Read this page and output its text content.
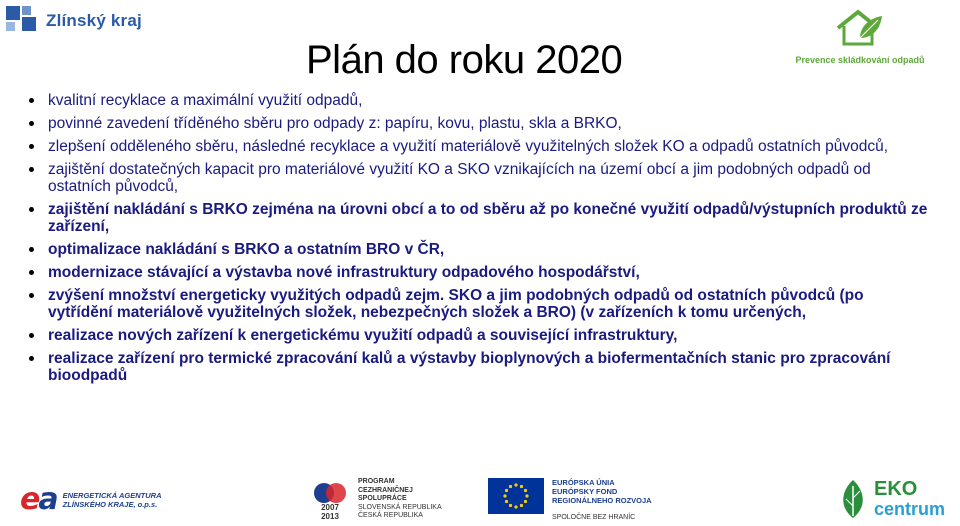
Zlínský kraj
Prevence skládkování odpadů
Plán do roku 2020
kvalitní recyklace a maximální využití odpadů,
povinné zavedení tříděného sběru pro odpady z: papíru, kovu, plastu, skla a BRKO,
zlepšení odděleného sběru, následné recyklace a využití materiálově využitelných složek KO a odpadů ostatních původců,
zajištění dostatečných kapacit pro materiálové využití KO a SKO vznikajících na území obcí a jim podobných odpadů od ostatních původců,
zajištění nakládání s BRKO zejména na úrovni obcí a to od sběru až po konečné využití odpadů/výstupních produktů ze zařízení,
optimalizace nakládání s BRKO a ostatním BRO v ČR,
modernizace stávající a výstavba nové infrastruktury odpadového hospodářství,
zvýšení množství energeticky využitých odpadů zejm. SKO a jim podobných odpadů od ostatních původců (po vytřídění materiálově využitelných složek, nebezpečných složek a BRO) (v zařízeních k tomu určených,
realizace nových zařízení k energetickému využití odpadů a související infrastruktury,
realizace zařízení pro termické zpracování kalů a výstavby bioplynových a biofermentačních stanic pro zpracování bioodpadů
ea ENERGETICKÁ AGENTURA
ZLÍNSKÉHO KRAJE, o.p.s.	2007
2013
PROGRAM
CEZHRANIČNEJ
SPOLUPRÁCE
SLOVENSKÁ REPUBLIKA
ČESKÁ REPUBLIKA
EURÓPSKA ÚNIA
EURÓPSKY FOND
REGIONÁLNEHO ROZVOJA
SPOLOČNE BEZ HRANÍC
EKO
centrum
